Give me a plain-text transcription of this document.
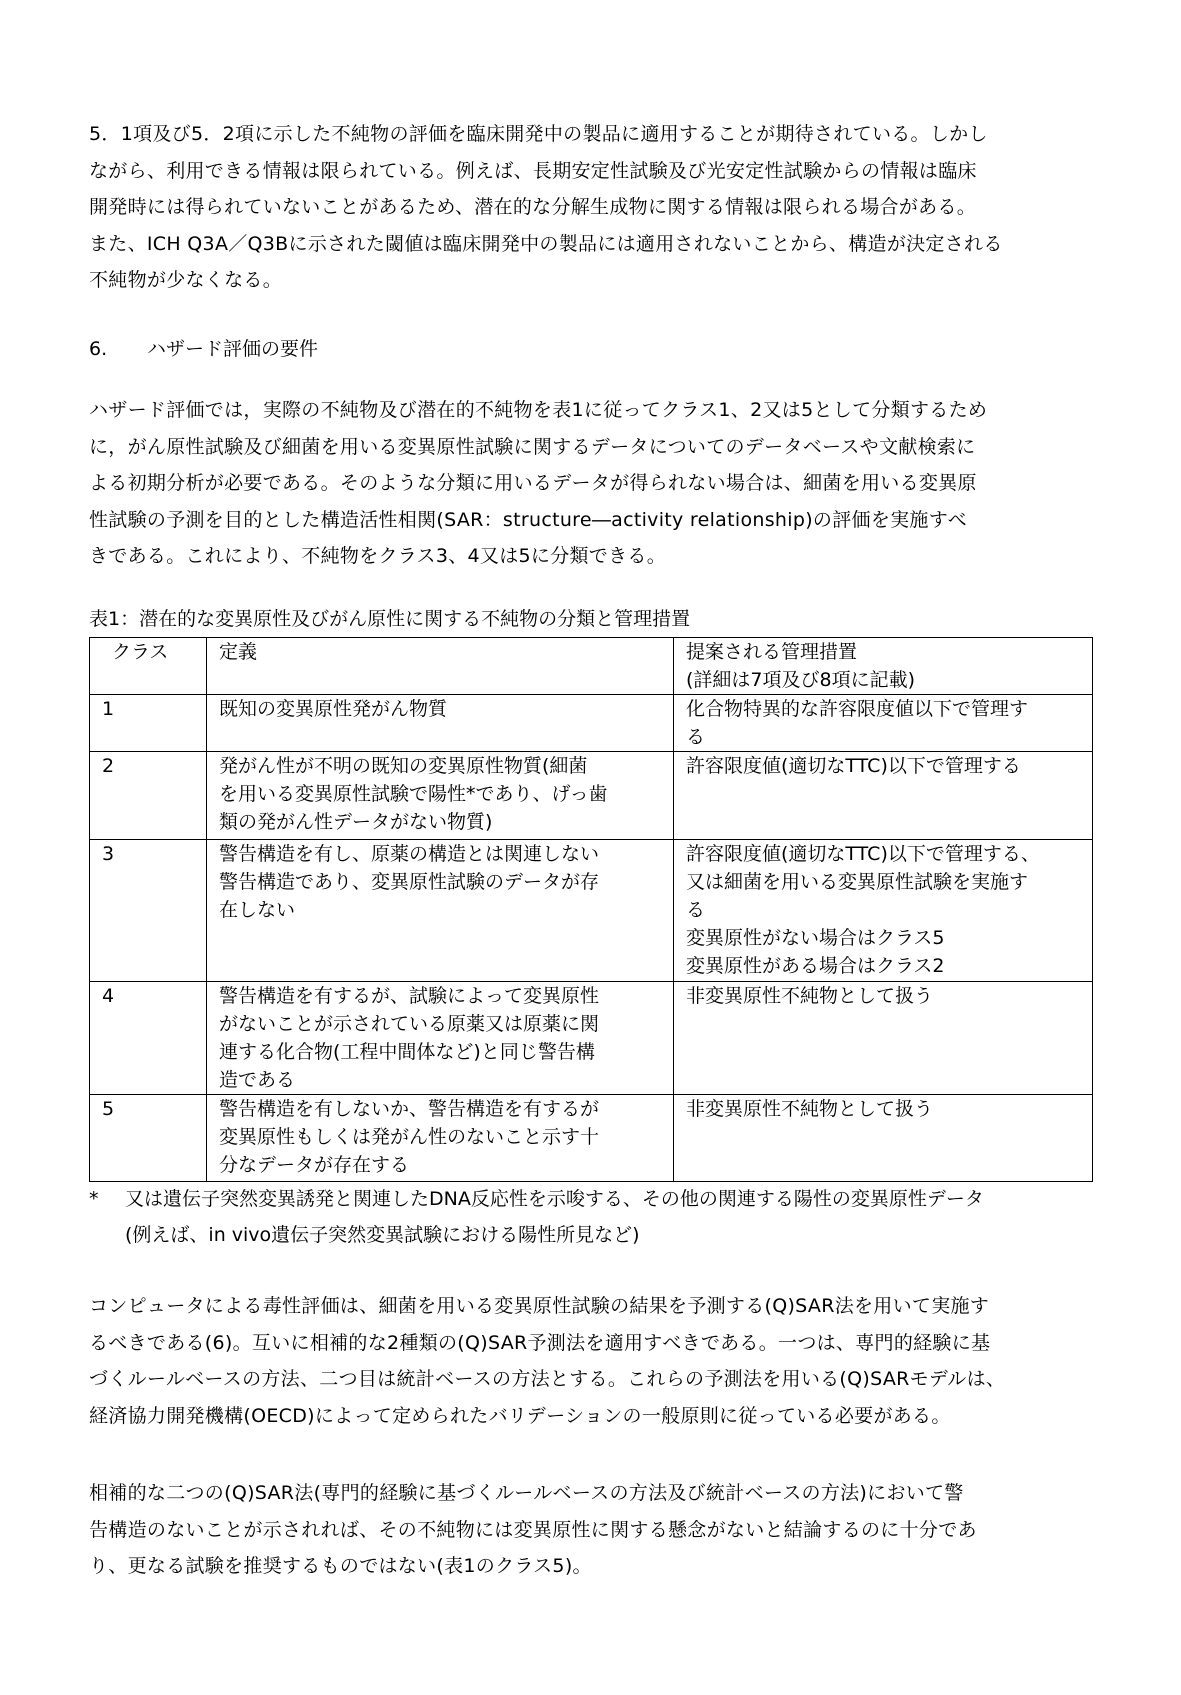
5．1項及び5．2項に示した不純物の評価を臨床開発中の製品に適用することが期待されている。しかし
ながら、利用できる情報は限られている。例えば、長期安定性試験及び光安定性試験からの情報は臨床
開発時には得られていないことがあるため、潜在的な分解生成物に関する情報は限られる場合がある。
また、ICH Q3A／Q3Bに示された閾値は臨床開発中の製品には適用されないことから、構造が決定される
不純物が少なくなる。

6. ハザード評価の要件

ハザード評価では，実際の不純物及び潜在的不純物を表1に従ってクラス1、2又は5として分類するため
に，がん原性試験及び細菌を用いる変異原性試験に関するデータについてのデータベースや文献検索に
よる初期分析が必要である。そのような分類に用いるデータが得られない場合は、細菌を用いる変異原
性試験の予測を目的とした構造活性相関(SAR：structure―activity relationship)の評価を実施すべ
きである。これにより、不純物をクラス3、4又は5に分類できる。

表1：潜在的な変異原性及びがん原性に関する不純物の分類と管理措置
クラス	定義	提案される管理措置
(詳細は7項及び8項に記載)

1	既知の変異原性発がん物質	化合物特異的な許容限度値以下で管理す
る

2	発がん性が不明の既知の変異原性物質(細菌
を用いる変異原性試験で陽性*であり、げっ歯
類の発がん性データがない物質)	許容限度値(適切なTTC)以下で管理する

3	警告構造を有し、原薬の構造とは関連しない
警告構造であり、変異原性試験のデータが存
在しない	許容限度値(適切なTTC)以下で管理する、
又は細菌を用いる変異原性試験を実施す
る
変異原性がない場合はクラス5
変異原性がある場合はクラス2

4	警告構造を有するが、試験によって変異原性
がないことが示されている原薬又は原薬に関
連する化合物(工程中間体など)と同じ警告構
造である	非変異原性不純物として扱う

5	警告構造を有しないか、警告構造を有するが
変異原性もしくは発がん性のないこと示す十
分なデータが存在する	非変異原性不純物として扱う
* 又は遺伝子突然変異誘発と関連したDNA反応性を示唆する、その他の関連する陽性の変異原性データ
(例えば、in vivo遺伝子突然変異試験における陽性所見など)

コンピュータによる毒性評価は、細菌を用いる変異原性試験の結果を予測する(Q)SAR法を用いて実施す
るべきである(6)。互いに相補的な2種類の(Q)SAR予測法を適用すべきである。一つは、専門的経験に基
づくルールベースの方法、二つ目は統計ベースの方法とする。これらの予測法を用いる(Q)SARモデルは、
経済協力開発機構(OECD)によって定められたバリデーションの一般原則に従っている必要がある。

相補的な二つの(Q)SAR法(専門的経験に基づくルールベースの方法及び統計ベースの方法)において警
告構造のないことが示されれば、その不純物には変異原性に関する懸念がないと結論するのに十分であ
り、更なる試験を推奨するものではない(表1のクラス5)。
